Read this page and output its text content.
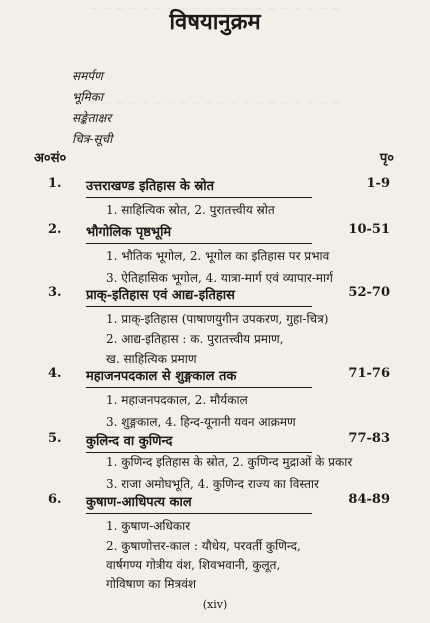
~ ~ ~ ~ ~ ~ ~ ~ ~ ~ ~ ~ ~ ~ ~ ~ ~ ~ ~ ~
~ ~ ~ ~ ~ ~ ~ ~ ~ ~ ~ ~ ~ ~ ~ ~ ~ ~ ~ ~
विषयानुक्रम
समर्पण
भूमिका
सङ्केताक्षर
चित्र-सूची
अ०सं०	पृ०
1. उत्तराखण्ड इतिहास के स्रोत	1-9
1. साहित्यिक स्रोत, 2. पुरातत्त्वीय स्रोत
2. भौगोलिक पृष्ठभूमि	10-51
1. भौतिक भूगोल, 2. भूगोल का इतिहास पर प्रभाव
3. ऐतिहासिक भूगोल, 4. यात्रा-मार्ग एवं व्यापार-मार्ग
3. प्राक्-इतिहास एवं आद्य-इतिहास	52-70
1. प्राक्-इतिहास (पाषाणयुगीन उपकरण, गुहा-चित्र)
2. आद्य-इतिहास : क. पुरातत्त्वीय प्रमाण,
ख. साहित्यिक प्रमाण
4. महाजनपदकाल से शुङ्गकाल तक	71-76
1. महाजनपदकाल, 2. मौर्यकाल
3. शुङ्गकाल, 4. हिन्द-यूनानी यवन आक्रमण
5. कुलिन्द वा कुणिन्द	77-83
1. कुणिन्द इतिहास के स्रोत, 2. कुणिन्द मुद्राओं के प्रकार
3. राजा अमोघभूति, 4. कुणिन्द राज्य का विस्तार
6. कुषाण-आधिपत्य काल	84-89
1. कुषाण-अधिकार
2. कुषाणोत्तर-काल : यौधेय, परवर्ती कुणिन्द,
वार्षगण्य गोत्रीय वंश, शिवभवानी, कुलूत,
गोविषाण का मित्रवंश
(xiv)
